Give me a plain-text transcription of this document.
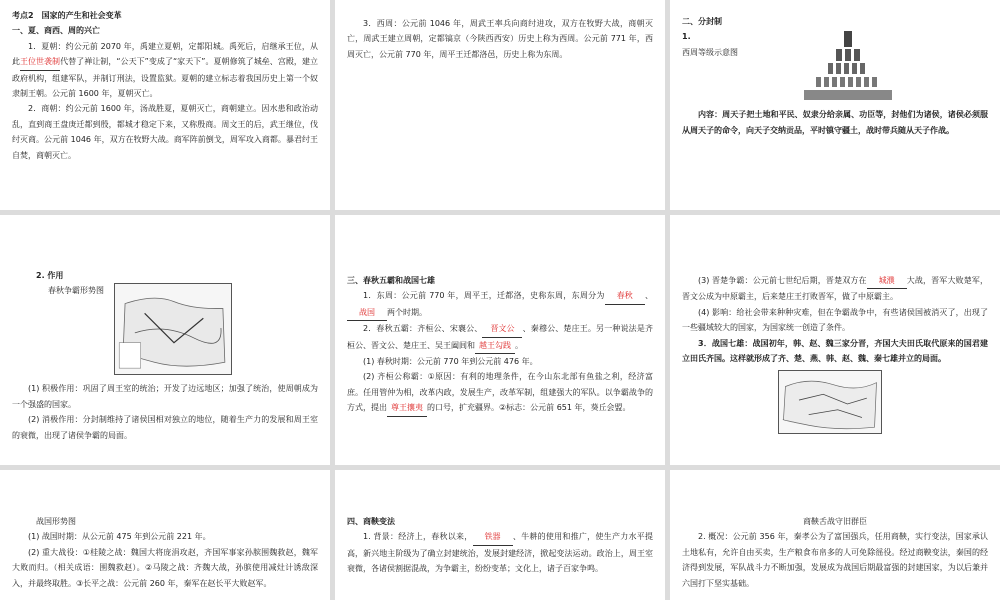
考点2　国家的产生和社会变革
一、夏、商西、周的兴亡
1．夏朝：约公元前 2070 年，禹建立夏朝，定都阳城。禹死后，启继承王位，从此王位世袭制代替了禅让制，“公天下”变成了“家天下”。夏朝修筑了城垒、宫殿，建立政府机构，组建军队，并制订刑法，设置监狱。夏朝的建立标志着我国历史上第一个奴隶制王朝。公元前 1600 年，夏朝灭亡。
2．商朝：约公元前 1600 年，汤战胜夏，夏朝灭亡，商朝建立。因水患和政治动乱，直到商王盘庚迁都到殷，都城才稳定下来，又称殷商。周文王的后，武王继位，伐纣灭商。公元前 1046 年，双方在牧野大战。商军阵前倒戈，周军攻入商都。暴君纣王自焚，商朝灭亡。
3．西周：公元前 1046 年，周武王率兵向商纣进攻，双方在牧野大战，商朝灭亡，周武王建立周朝，定都镐京（今陕西西安）历史上称为西周。公元前 771 年，西周灭亡，公元前 770 年，周平王迁都洛邑，历史上称为东周。
二、分封制
1.
西周等级示意图
内容：周天子把土地和平民、奴隶分给亲属、功臣等，封他们为诸侯，诸侯必须服从周天子的命令，向天子交纳贡品，平时镇守疆土，战时带兵随从天子作战。
2. 作用
春秋争霸形势图
(1) 积极作用：巩固了周王室的统治；开发了边远地区；加强了统治，使周朝成为一个强盛的国家。
(2) 消极作用：分封制维持了诸侯国相对独立的地位，随着生产力的发展和周王室的衰微，出现了诸侯争霸的局面。
三、春秋五霸和战国七雄
1．东周：公元前 770 年，周平王，迁都洛，史称东周，东周分为 春秋 、战国 两个时期。
2．春秋五霸：齐桓公、宋襄公、 晋文公 、秦穆公、楚庄王。另一种说法是齐桓公、晋文公、楚庄王、吴王阖闾和 越王勾践 。
(1) 春秋时期：公元前 770 年到公元前 476 年。
(2) 齐桓公称霸：①原因：有利的地理条件，在今山东北部有鱼盐之利，经济富庶。任用管仲为相，改革内政，发展生产，改革军制，组建强大的军队。以争霸战争的方式，提出 尊王攘夷 的口号，扩充疆界。②标志：公元前 651 年，葵丘会盟。
(3) 晋楚争霸：公元前七世纪后期，晋楚双方在 城濮 大战，晋军大败楚军，晋文公成为中原霸主，后来楚庄王打败晋军，做了中原霸主。
(4) 影响：给社会带来种种灾难，但在争霸战争中，有些诸侯国被消灭了，出现了一些疆域较大的国家，为国家统一创造了条件。
3．战国七雄：战国初年，韩、赵、魏三家分晋，齐国大夫田氏取代原来的国君建立田氏齐国。这样就形成了齐、楚、燕、韩、赵、魏、秦七雄并立的局面。
战国形势图
(1) 战国时期：从公元前 475 年到公元前 221 年。
(2) 重大战役：①桂陵之战：魏国大将庞涓攻赵，齐国军事家孙膑围魏救赵，魏军大败而归。（相关成语：围魏救赵）。②马陵之战：齐魏大战，孙膑使用减灶计诱敌深入，并最终取胜。③长平之战：公元前 260 年，秦军在赵长平大败赵军。
四、商鞅变法
1. 背景：经济上，春秋以来， 铁器 、牛耕的使用和推广，使生产力水平提高，新兴地主阶级为了确立封建统治，发展封建经济，掀起变法运动。政治上，周王室衰微，各诸侯割据混战，为争霸主，纷纷变革；文化上，诸子百家争鸣。
商鞅舌战守旧群臣
2. 概况：公元前 356 年，秦孝公为了富国强兵，任用商鞅，实行变法，国家承认土地私有，允许自由买卖，生产粮食布帛多的人可免除徭役。经过商鞅变法，秦国的经济得到发展，军队战斗力不断加强，发展成为战国后期最富强的封建国家，为以后兼并六国打下坚实基础。
